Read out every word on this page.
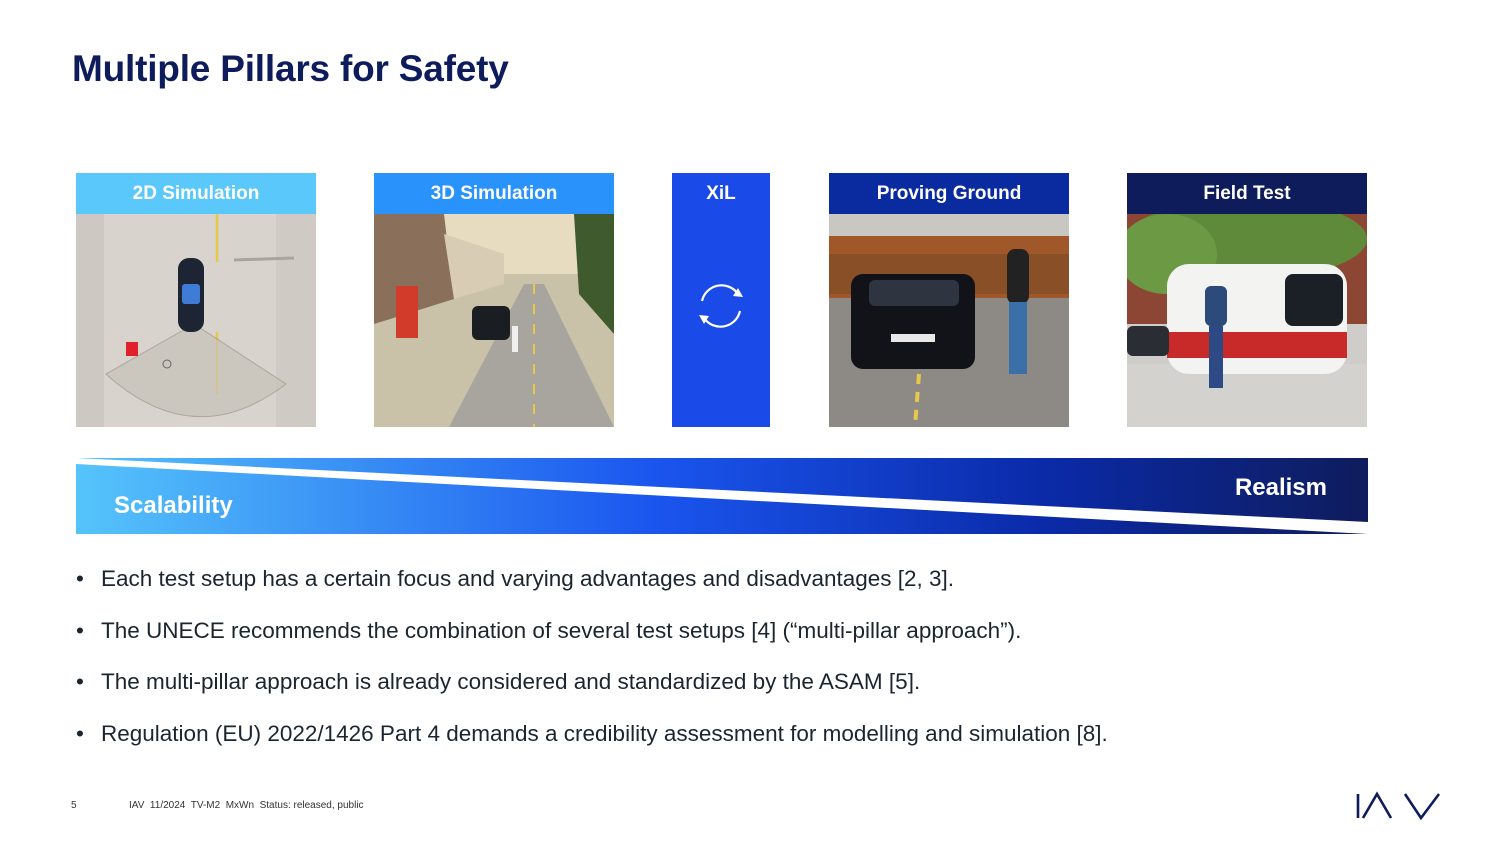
Multiple Pillars for Safety
2D Simulation	3D Simulation	XiL	Proving Ground	Field Test
Scalability
Realism
• Each test setup has a certain focus and varying advantages and disadvantages [2, 3].
• The UNECE recommends the combination of several test setups [4] (“multi-pillar approach”).
• The multi-pillar approach is already considered and standardized by the ASAM [5].
• Regulation (EU) 2022/1426 Part 4 demands a credibility assessment for modelling and simulation [8].
5	IAV  11/2024  TV-M2  MxWn  Status: released, public
